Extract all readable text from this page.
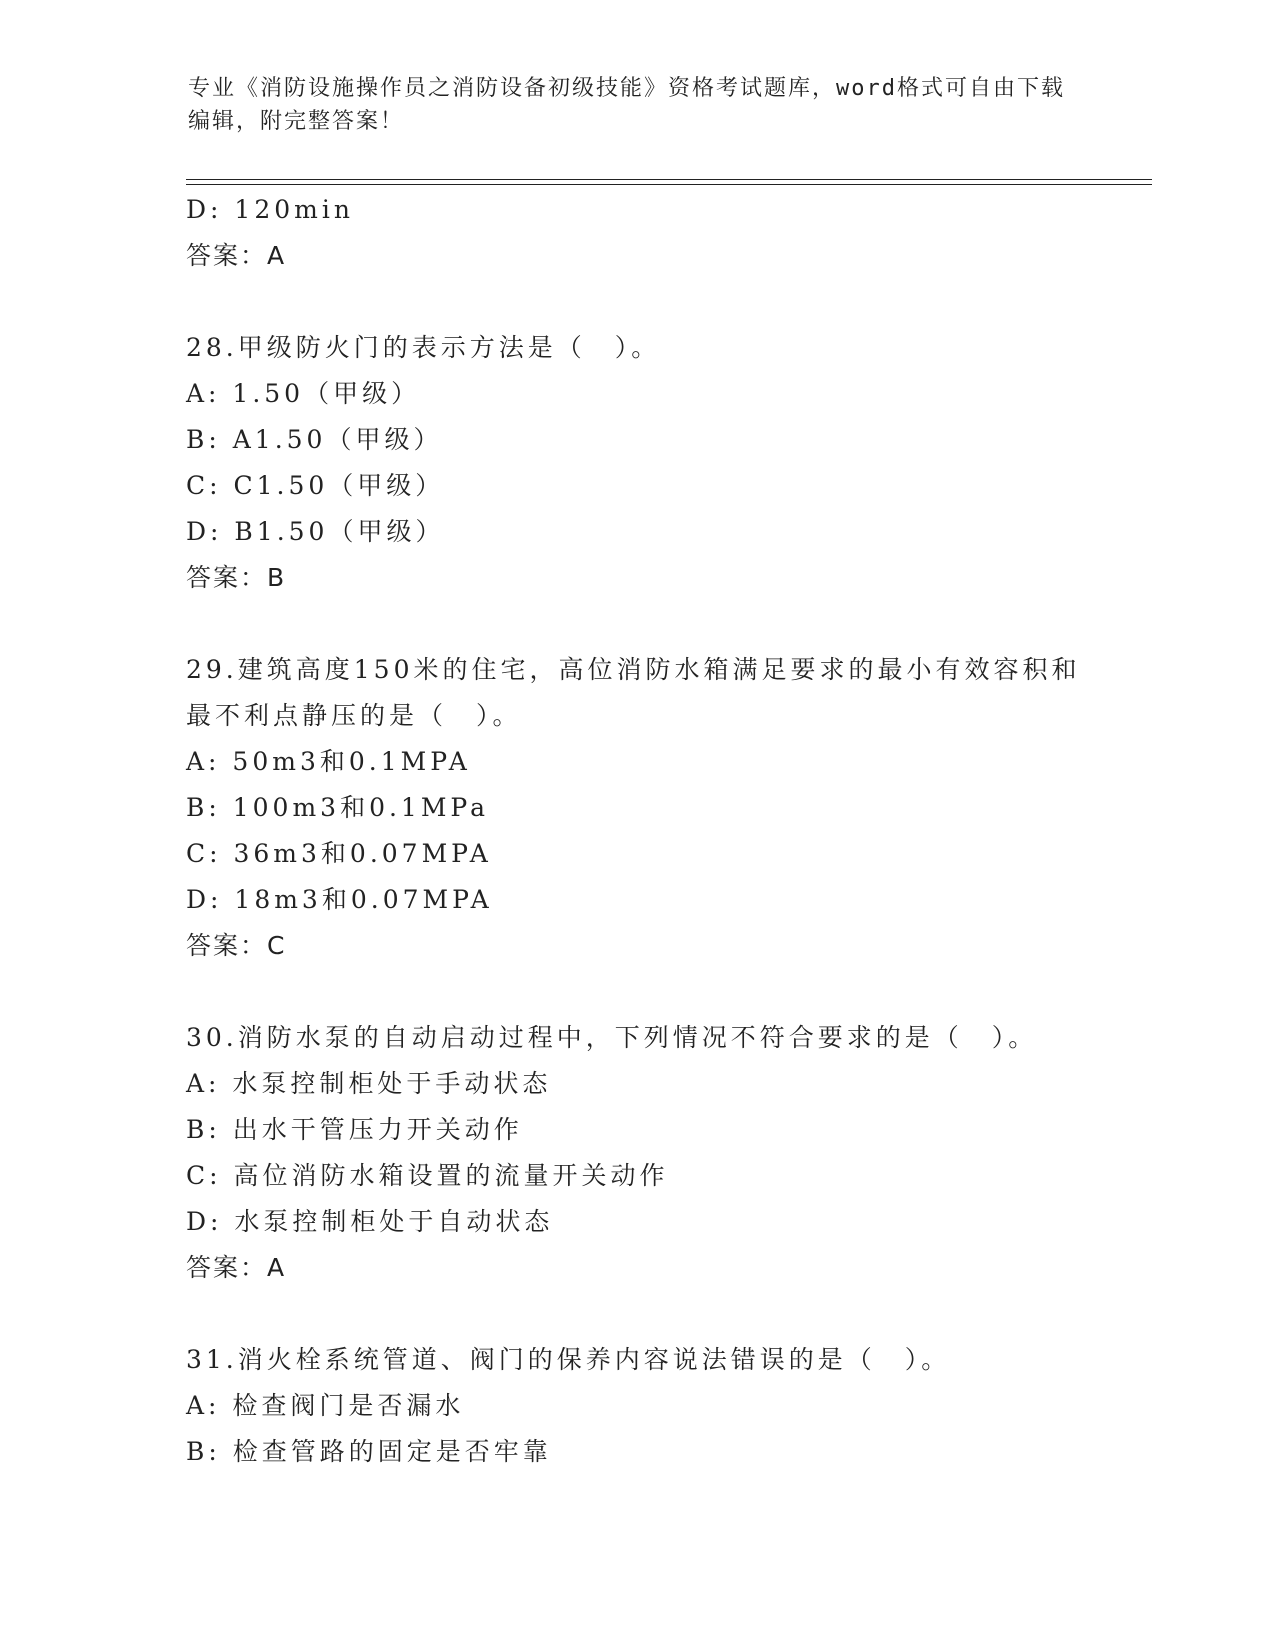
专业《消防设施操作员之消防设备初级技能》资格考试题库，word格式可自由下载编辑，附完整答案！
D: 120min
答案：A
28.甲级防火门的表示方法是（　）。
A: 1.50（甲级）
B: A1.50（甲级）
C: C1.50（甲级）
D: B1.50（甲级）
答案：B
29.建筑高度150米的住宅，高位消防水箱满足要求的最小有效容积和最不利点静压的是（　）。
A: 50m3和0.1MPA
B: 100m3和0.1MPa
C: 36m3和0.07MPA
D: 18m3和0.07MPA
答案：C
30.消防水泵的自动启动过程中，下列情况不符合要求的是（　）。
A: 水泵控制柜处于手动状态
B: 出水干管压力开关动作
C: 高位消防水箱设置的流量开关动作
D: 水泵控制柜处于自动状态
答案：A
31.消火栓系统管道、阀门的保养内容说法错误的是（　）。
A: 检查阀门是否漏水
B: 检查管路的固定是否牢靠
